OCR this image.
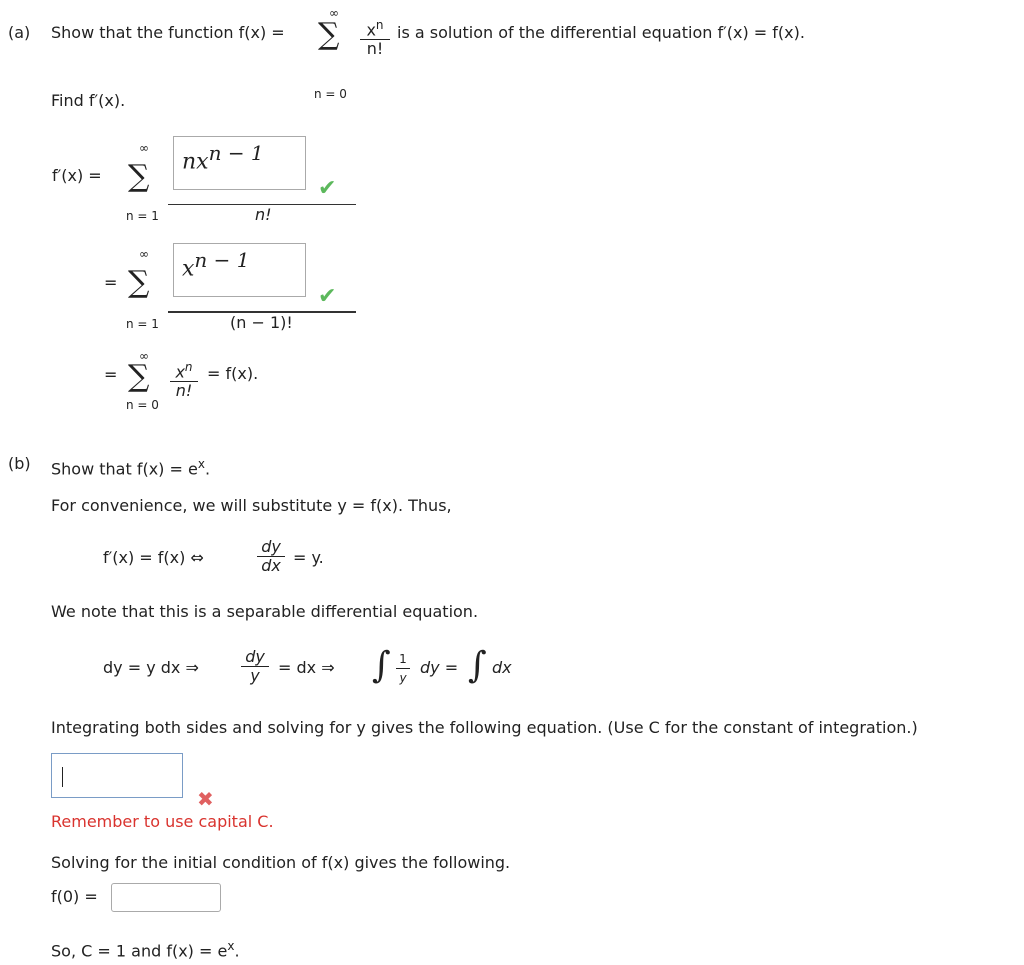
(a) Show that the function f(x) =
∞
∑
n = 0
$x^n$
n!
is a solution of the differential equation f′(x) = f(x).
Find f′(x).
f′(x) =
∞
∑
n = 1
$nx^{n - 1}$
✔
n!
=
∞
∑
n = 1
$x^{n - 1}$
✔
(n − 1)!
=
∞
∑
n = 0
$x^n$
n!
= f(x).
(b) Show that $f(x) = e^x$.
For convenience, we will substitute y = f(x). Thus,
f′(x) = f(x) ⇔
dy
dx = y.
We note that this is a separable differential equation.
dy = y dx ⇒
dy
y	= dx ⇒ ∫ 1
y
dy = ∫ dx
Integrating both sides and solving for y gives the following equation. (Use C for the constant of integration.)
✖
Remember to use capital C.
Solving for the initial condition of f(x) gives the following.
f(0) =
So, C = 1 and $f(x) = e^x$.
